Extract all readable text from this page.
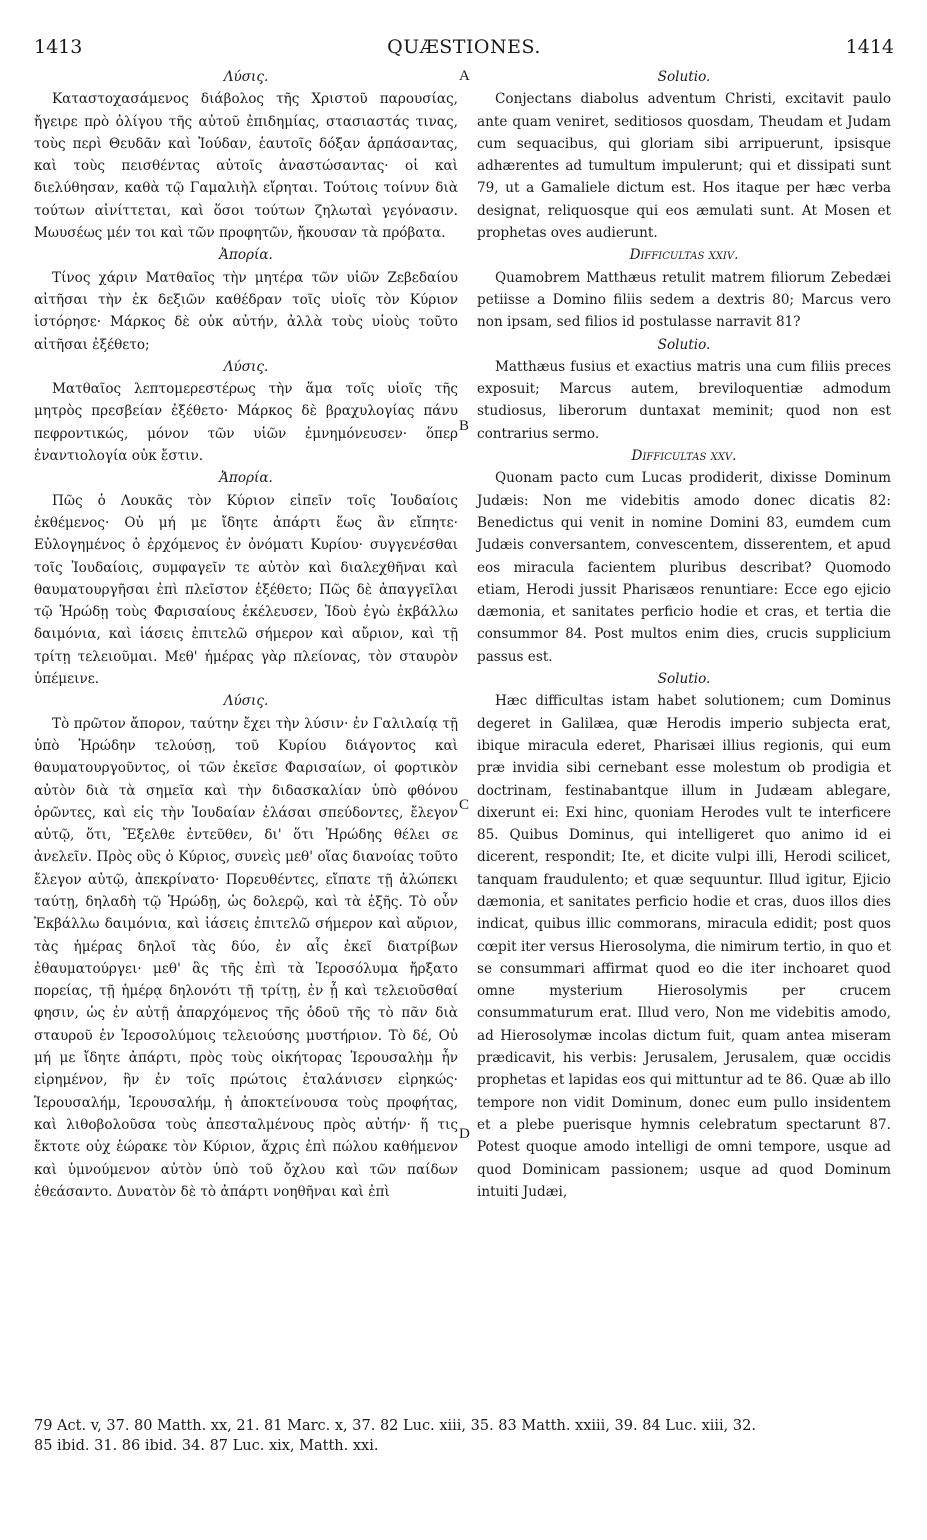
1413	QUÆSTIONES.	1414
A
B
C
D

Λύσις.

Καταστοχασάμενος διάβολος τῆς Χριστοῦ παρουσίας, ἤγειρε πρὸ ὀλίγου τῆς αὐτοῦ ἐπιδημίας, στασιαστάς τινας, τοὺς περὶ Θευδᾶν καὶ Ἰούδαν, ἑαυτοῖς δόξαν ἁρπάσαντας, καὶ τοὺς πεισθέντας αὐτοῖς ἀναστώσαντας· οἱ καὶ διελύθησαν, καθὰ τῷ Γαμαλιὴλ εἴρηται. Τούτοις τοίνυν διὰ τούτων αἰνίττεται, καὶ ὅσοι τούτων ζηλωταὶ γεγόνασιν. Μωυσέως μέν τοι καὶ τῶν προφητῶν, ἤκουσαν τὰ πρόβατα.

Ἀπορία.

Τίνος χάριν Ματθαῖος τὴν μητέρα τῶν υἱῶν Ζεβεδαίου αἰτῆσαι τὴν ἐκ δεξιῶν καθέδραν τοῖς υἱοῖς τὸν Κύριον ἱστόρησε· Μάρκος δὲ οὐκ αὐτήν, ἀλλὰ τοὺς υἱοὺς τοῦτο αἰτῆσαι ἐξέθετο;

Λύσις.

Ματθαῖος λεπτομερεστέρως τὴν ἅμα τοῖς υἱοῖς τῆς μητρὸς πρεσβείαν ἐξέθετο· Μάρκος δὲ βραχυλογίας πάνυ πεφροντικώς, μόνον τῶν υἱῶν ἐμνημόνευσεν· ὅπερ ἐναντιολογία οὐκ ἔστιν.

Ἀπορία.

Πῶς ὁ Λουκᾶς τὸν Κύριον εἰπεῖν τοῖς Ἰουδαίοις ἐκθέμενος· Οὐ μή με ἴδητε ἀπάρτι ἕως ἂν εἴπητε· Εὐλογημένος ὁ ἐρχόμενος ἐν ὀνόματι Κυρίου· συγγενέσθαι τοῖς Ἰουδαίοις, συμφαγεῖν τε αὐτὸν καὶ διαλεχθῆναι καὶ θαυματουργῆσαι ἐπὶ πλεῖστον ἐξέθετο; Πῶς δὲ ἀπαγγεῖλαι τῷ Ἡρώδῃ τοὺς Φαρισαίους ἐκέλευσεν, Ἰδοὺ ἐγὼ ἐκβάλλω δαιμόνια, καὶ ἰάσεις ἐπιτελῶ σήμερον καὶ αὔριον, καὶ τῇ τρίτῃ τελειοῦμαι. Μεθ' ἡμέρας γὰρ πλείονας, τὸν σταυρὸν ὑπέμεινε.

Λύσις.

Τὸ πρῶτον ἄπορον, ταύτην ἔχει τὴν λύσιν· ἐν Γαλιλαίᾳ τῇ ὑπὸ Ἡρώδην τελούσῃ, τοῦ Κυρίου διάγοντος καὶ θαυματουργοῦντος, οἱ τῶν ἐκεῖσε Φαρισαίων, οἱ φορτικὸν αὐτὸν διὰ τὰ σημεῖα καὶ τὴν διδασκαλίαν ὑπὸ φθόνου ὁρῶντες, καὶ εἰς τὴν Ἰουδαίαν ἐλάσαι σπεύδοντες, ἔλεγον αὐτῷ, ὅτι, Ἔξελθε ἐντεῦθεν, δι' ὅτι Ἡρώδης θέλει σε ἀνελεῖν. Πρὸς οὓς ὁ Κύριος, συνεὶς μεθ' οἵας διανοίας τοῦτο ἔλεγον αὐτῷ, ἀπεκρίνατο· Πορευθέντες, εἴπατε τῇ ἀλώπεκι ταύτῃ, δηλαδὴ τῷ Ἡρώδῃ, ὡς δολερῷ, καὶ τὰ ἑξῆς. Τὸ οὖν Ἐκβάλλω δαιμόνια, καὶ ἰάσεις ἐπιτελῶ σήμερον καὶ αὔριον, τὰς ἡμέρας δηλοῖ τὰς δύο, ἐν αἷς ἐκεῖ διατρίβων ἐθαυματούργει· μεθ' ἃς τῆς ἐπὶ τὰ Ἱεροσόλυμα ἤρξατο πορείας, τῇ ἡμέρᾳ δηλονότι τῇ τρίτῃ, ἐν ᾗ καὶ τελειοῦσθαί φησιν, ὡς ἐν αὐτῇ ἀπαρχόμενος τῆς ὁδοῦ τῆς τὸ πᾶν διὰ σταυροῦ ἐν Ἱεροσολύμοις τελειούσης μυστήριον. Τὸ δέ, Οὐ μή με ἴδητε ἀπάρτι, πρὸς τοὺς οἰκήτορας Ἱερουσαλὴμ ἦν εἰρημένον, ἣν ἐν τοῖς πρώτοις ἐταλάνισεν εἰρηκώς· Ἱερουσαλήμ, Ἱερουσαλήμ, ἡ ἀποκτείνουσα τοὺς προφήτας, καὶ λιθοβολοῦσα τοὺς ἀπεσταλμένους πρὸς αὐτήν· ἥ τις ἔκτοτε οὐχ ἑώρακε τὸν Κύριον, ἄχρις ἐπὶ πώλου καθήμενον καὶ ὑμνούμενον αὐτὸν ὑπὸ τοῦ ὄχλου καὶ τῶν παίδων ἐθεάσαντο. Δυνατὸν δὲ τὸ ἀπάρτι νοηθῆναι καὶ ἐπὶ

Solutio.

Conjectans diabolus adventum Christi, excitavit paulo ante quam veniret, seditiosos quosdam, Theudam et Judam cum sequacibus, qui gloriam sibi arripuerunt, ipsisque adhærentes ad tumultum impulerunt; qui et dissipati sunt 79, ut a Gamaliele dictum est. Hos itaque per hæc verba designat, reliquosque qui eos æmulati sunt. At Mosen et prophetas oves audierunt.

Difficultas xxiv.

Quamobrem Matthæus retulit matrem filiorum Zebedæi petiisse a Domino filiis sedem a dextris 80; Marcus vero non ipsam, sed filios id postulasse narravit 81?

Solutio.

Matthæus fusius et exactius matris una cum filiis preces exposuit; Marcus autem, breviloquentiæ admodum studiosus, liberorum duntaxat meminit; quod non est contrarius sermo.

Difficultas xxv.

Quonam pacto cum Lucas prodiderit, dixisse Dominum Judæis: Non me videbitis amodo donec dicatis 82: Benedictus qui venit in nomine Domini 83, eumdem cum Judæis conversantem, convescentem, disserentem, et apud eos miracula facientem pluribus describat? Quomodo etiam, Herodi jussit Pharisæos renuntiare: Ecce ego ejicio dæmonia, et sanitates perficio hodie et cras, et tertia die consummor 84. Post multos enim dies, crucis supplicium passus est.

Solutio.

Hæc difficultas istam habet solutionem; cum Dominus degeret in Galilæa, quæ Herodis imperio subjecta erat, ibique miracula ederet, Pharisæi illius regionis, qui eum præ invidia sibi cernebant esse molestum ob prodigia et doctrinam, festinabantque illum in Judæam ablegare, dixerunt ei: Exi hinc, quoniam Herodes vult te interficere 85. Quibus Dominus, qui intelligeret quo animo id ei dicerent, respondit; Ite, et dicite vulpi illi, Herodi scilicet, tanquam fraudulento; et quæ sequuntur. Illud igitur, Ejicio dæmonia, et sanitates perficio hodie et cras, duos illos dies indicat, quibus illic commorans, miracula edidit; post quos cœpit iter versus Hierosolyma, die nimirum tertio, in quo et se consummari affirmat quod eo die iter inchoaret quod omne mysterium Hierosolymis per crucem consummaturum erat. Illud vero, Non me videbitis amodo, ad Hierosolymæ incolas dictum fuit, quam antea miseram prædicavit, his verbis: Jerusalem, Jerusalem, quæ occidis prophetas et lapidas eos qui mittuntur ad te 86. Quæ ab illo tempore non vidit Dominum, donec eum pullo insidentem et a plebe puerisque hymnis celebratum spectarunt 87. Potest quoque amodo intelligi de omni tempore, usque ad quod Dominicam passionem; usque ad quod Dominum intuiti Judæi,

79 Act. v, 37. 80 Matth. xx, 21. 81 Marc. x, 37. 82 Luc. xiii, 35. 83 Matth. xxiii, 39. 84 Luc. xiii, 32.
85 ibid. 31. 86 ibid. 34. 87 Luc. xix, Matth. xxi.
